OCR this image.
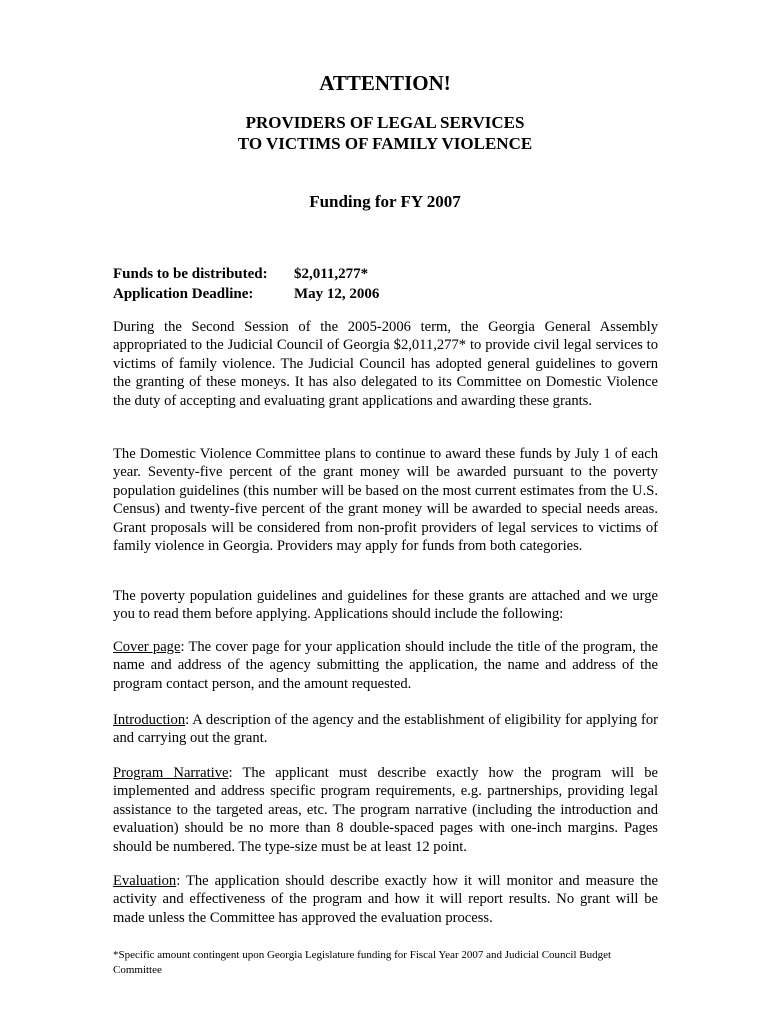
ATTENTION!
PROVIDERS OF LEGAL SERVICES
TO VICTIMS OF FAMILY VIOLENCE
Funding for FY 2007
Funds to be distributed:	$2,011,277*
Application Deadline:	May 12, 2006

During the Second Session of the 2005-2006 term, the Georgia General Assembly appropriated to the Judicial Council of Georgia $2,011,277* to provide civil legal services to victims of family violence. The Judicial Council has adopted general guidelines to govern the granting of these moneys. It has also delegated to its Committee on Domestic Violence the duty of accepting and evaluating grant applications and awarding these grants.

The Domestic Violence Committee plans to continue to award these funds by July 1 of each year. Seventy-five percent of the grant money will be awarded pursuant to the poverty population guidelines (this number will be based on the most current estimates from the U.S. Census) and twenty-five percent of the grant money will be awarded to special needs areas. Grant proposals will be considered from non-profit providers of legal services to victims of family violence in Georgia. Providers may apply for funds from both categories.

The poverty population guidelines and guidelines for these grants are attached and we urge you to read them before applying. Applications should include the following:

Cover page: The cover page for your application should include the title of the program, the name and address of the agency submitting the application, the name and address of the program contact person, and the amount requested.

Introduction: A description of the agency and the establishment of eligibility for applying for and carrying out the grant.

Program Narrative: The applicant must describe exactly how the program will be implemented and address specific program requirements, e.g. partnerships, providing legal assistance to the targeted areas, etc. The program narrative (including the introduction and evaluation) should be no more than 8 double-spaced pages with one-inch margins. Pages should be numbered. The type-size must be at least 12 point.

Evaluation: The application should describe exactly how it will monitor and measure the activity and effectiveness of the program and how it will report results. No grant will be made unless the Committee has approved the evaluation process.

*Specific amount contingent upon Georgia Legislature funding for Fiscal Year 2007 and Judicial Council Budget Committee
